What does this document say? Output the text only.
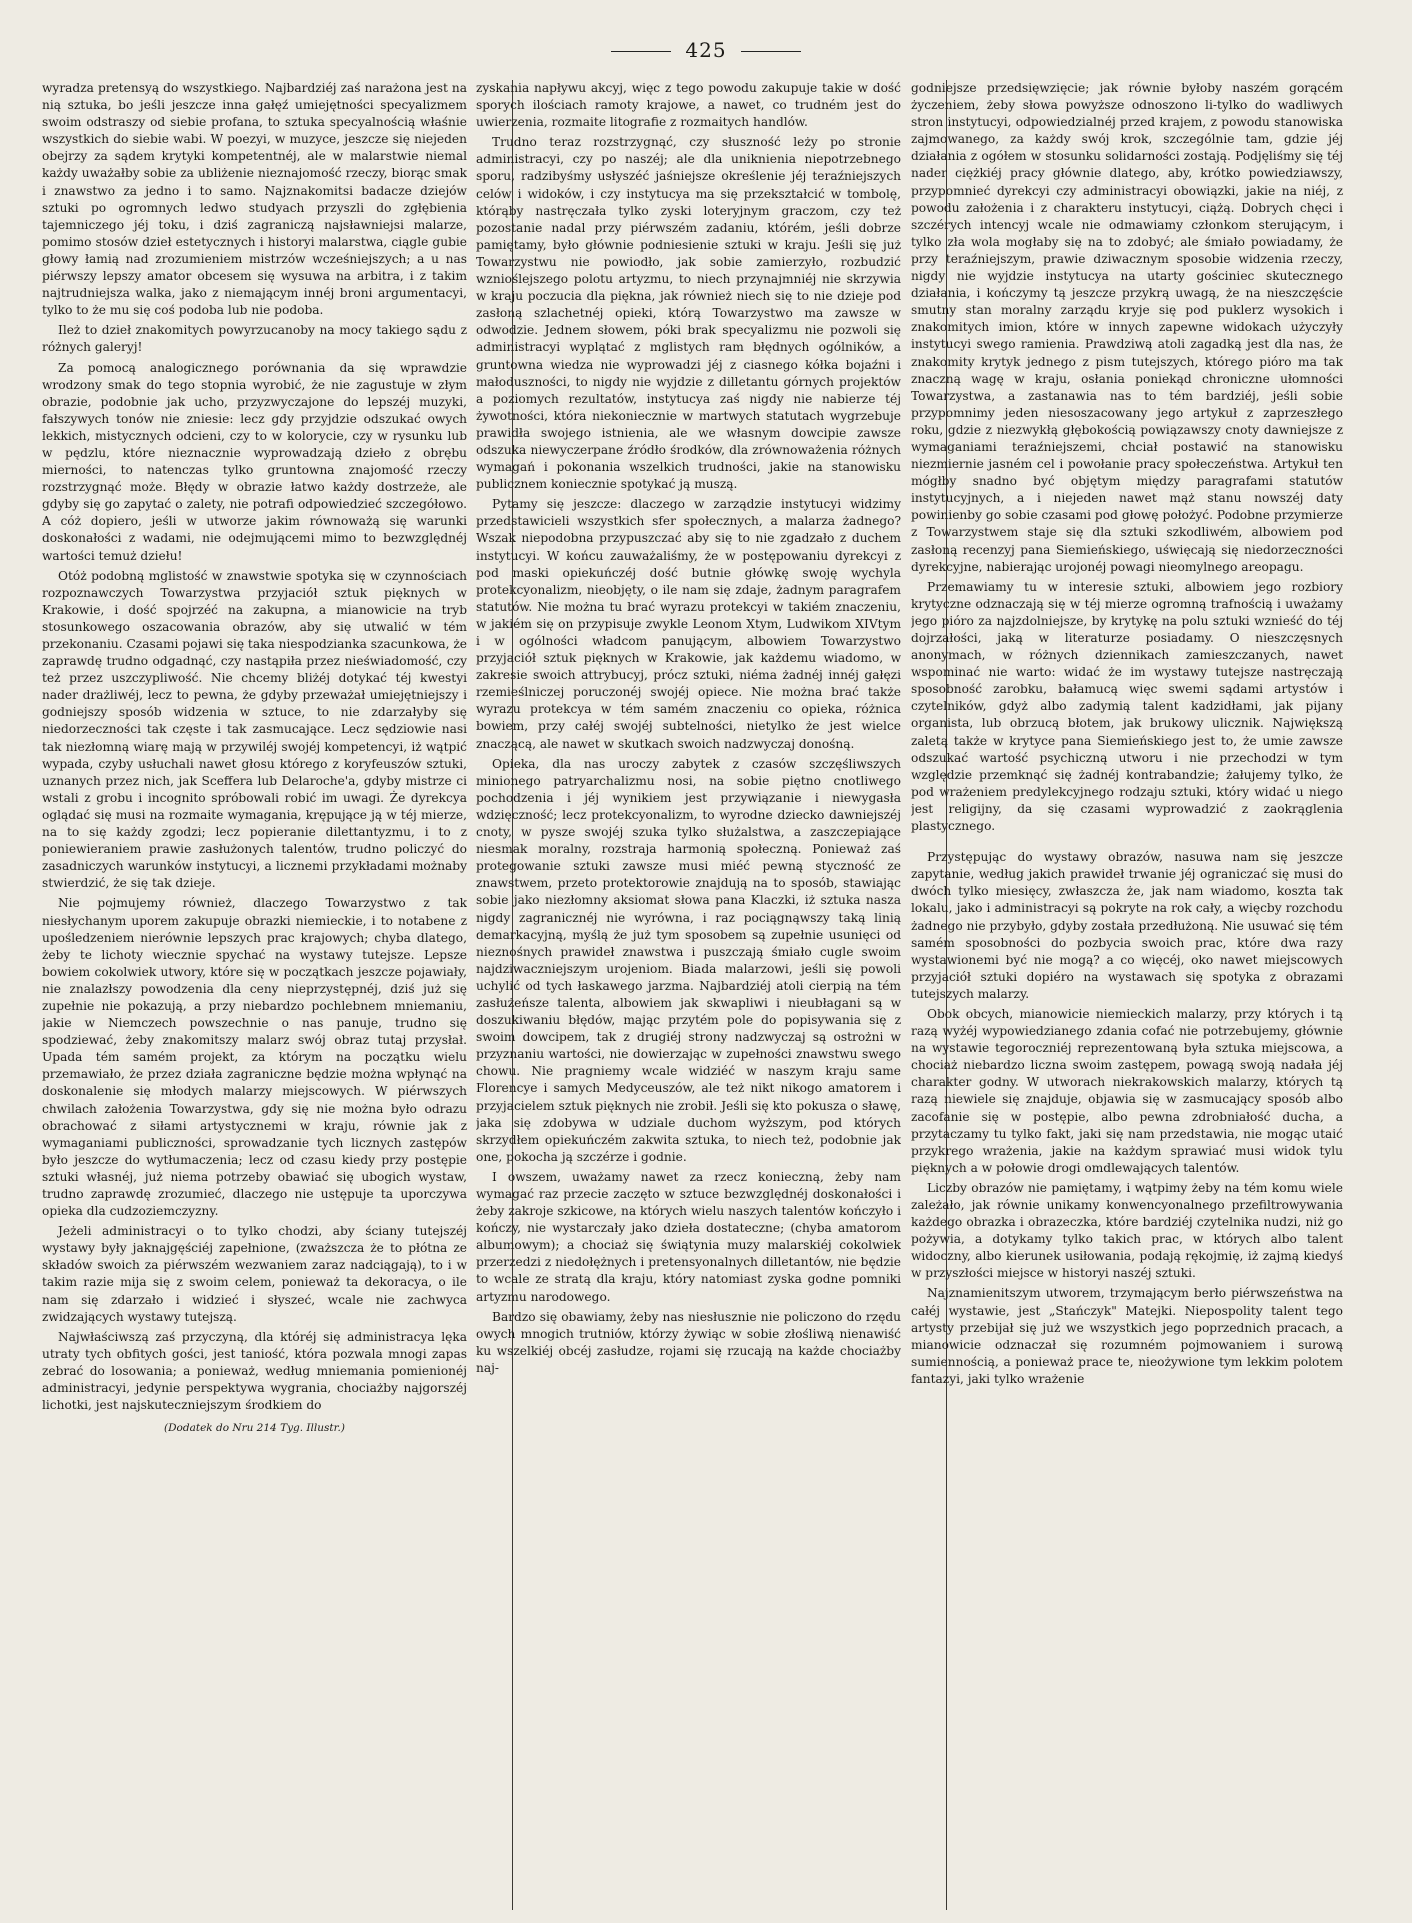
425

wyradza pretensyą do wszystkiego. Najbardziéj zaś narażona jest na nią sztuka, bo jeśli jeszcze inna gałęź umiejętności specyalizmem swoim odstraszy od siebie profana, to sztuka specyalnością właśnie wszystkich do siebie wabi. W poezyi, w muzyce, jeszcze się niejeden obejrzy za sądem krytyki kompetentnéj, ale w malarstwie niemal każdy uważałby sobie za ubliżenie nieznajomość rzeczy, biorąc smak i znawstwo za jedno i to samo. Najznakomitsi badacze dziejów sztuki po ogromnych ledwo studyach przyszli do zgłębienia tajemniczego jéj toku, i dziś zagraniczą najsławniejsi malarze, pomimo stosów dzieł estetycznych i historyi malarstwa, ciągle gubie głowy łamią nad zrozumieniem mistrzów wcześniejszych; a u nas piérwszy lepszy amator obcesem się wysuwa na arbitra, i z takim najtrudniejsza walka, jako z niemającym innéj broni argumentacyi, tylko to że mu się coś podoba lub nie podoba.

Ileż to dzieł znakomitych powyrzucanoby na mocy takiego sądu z różnych galeryj!

Za pomocą analogicznego porównania da się wprawdzie wrodzony smak do tego stopnia wyrobić, że nie zagustuje w złym obrazie, podobnie jak ucho, przyzwyczajone do lepszéj muzyki, fałszywych tonów nie zniesie: lecz gdy przyjdzie odszukać owych lekkich, mistycznych odcieni, czy to w kolorycie, czy w rysunku lub w pędzlu, które nieznacznie wyprowadzają dzieło z obrębu mierności, to natenczas tylko gruntowna znajomość rzeczy rozstrzygnąć może. Błędy w obrazie łatwo każdy dostrzeże, ale gdyby się go zapytać o zalety, nie potrafi odpowiedzieć szczegółowo. A cóż dopiero, jeśli w utworze jakim równoważą się warunki doskonałości z wadami, nie odejmującemi mimo to bezwzględnéj wartości temuż dziełu!

Otóż podobną mglistość w znawstwie spotyka się w czynnościach rozpoznawczych Towarzystwa przyjaciół sztuk pięknych w Krakowie, i dość spojrzéć na zakupna, a mianowicie na tryb stosunkowego oszacowania obrazów, aby się utwalić w tém przekonaniu. Czasami pojawi się taka niespodzianka szacunkowa, że zaprawdę trudno odgadnąć, czy nastąpiła przez nieświadomość, czy też przez uszczypliwość. Nie chcemy bliżéj dotykać téj kwestyi nader drażliwéj, lecz to pewna, że gdyby przeważał umiejętniejszy i godniejszy sposób widzenia w sztuce, to nie zdarzałyby się niedorzeczności tak częste i tak zasmucające. Lecz sędziowie nasi tak niezłomną wiarę mają w przywiléj swojéj kompetencyi, iż wątpić wypada, czyby usłuchali nawet głosu którego z koryfeuszów sztuki, uznanych przez nich, jak Sceffera lub Delaroche'a, gdyby mistrze ci wstali z grobu i incognito spróbowali robić im uwagi. Że dyrekcya oglądać się musi na rozmaite wymagania, krępujące ją w téj mierze, na to się każdy zgodzi; lecz popieranie dilettantyzmu, i to z poniewieraniem prawie zasłużonych talentów, trudno policzyć do zasadniczych warunków instytucyi, a licznemi przykładami możnaby stwierdzić, że się tak dzieje.

Nie pojmujemy również, dlaczego Towarzystwo z tak niesłychanym uporem zakupuje obrazki niemieckie, i to notabene z upośledzeniem nierównie lepszych prac krajowych; chyba dlatego, żeby te lichoty wiecznie spychać na wystawy tutejsze. Lepsze bowiem cokolwiek utwory, które się w początkach jeszcze pojawiały, nie znalazłszy powodzenia dla ceny nieprzystępnéj, dziś już się zupełnie nie pokazują, a przy niebardzo pochlebnem mniemaniu, jakie w Niemczech powszechnie o nas panuje, trudno się spodziewać, żeby znakomitszy malarz swój obraz tutaj przysłał. Upada tém samém projekt, za którym na początku wielu przemawiało, że przez działa zagraniczne będzie można wpłynąć na doskonalenie się młodych malarzy miejscowych. W piérwszych chwilach założenia Towarzystwa, gdy się nie można było odrazu obrachować z siłami artystycznemi w kraju, równie jak z wymaganiami publiczności, sprowadzanie tych licznych zastępów było jeszcze do wytłumaczenia; lecz od czasu kiedy przy postępie sztuki własnéj, już niema potrzeby obawiać się ubogich wystaw, trudno zaprawdę zrozumieć, dlaczego nie ustępuje ta uporczywa opieka dla cudzoziemczyzny.

Jeżeli administracyi o to tylko chodzi, aby ściany tutejszéj wystawy były jaknajgęściéj zapełnione, (zważszcza że to płótna ze składów swoich za piérwszém wezwaniem zaraz nadciągają), to i w takim razie mija się z swoim celem, ponieważ ta dekoracya, o ile nam się zdarzało i widzieć i słyszeć, wcale nie zachwyca zwidzających wystawy tutejszą.

Najwłaściwszą zaś przyczyną, dla któréj się administracya lęka utraty tych obfitych gości, jest taniość, która pozwala mnogi zapas zebrać do losowania; a ponieważ, według mniemania pomienionéj administracyi, jedynie perspektywa wygrania, chociażby najgorszéj lichotki, jest najskuteczniejszym środkiem do

(Dodatek do Nru 214 Tyg. Illustr.)

zyskania napływu akcyj, więc z tego powodu zakupuje takie w dość sporych ilościach ramoty krajowe, a nawet, co trudném jest do uwierzenia, rozmaite litografie z rozmaitych handlów.

Trudno teraz rozstrzygnąć, czy słuszność leży po stronie administracyi, czy po naszéj; ale dla uniknienia niepotrzebnego sporu, radzibyśmy usłyszéć jaśniejsze określenie jéj teraźniejszych celów i widoków, i czy instytucya ma się przekształcić w tombolę, którąby nastręczała tylko zyski loteryjnym graczom, czy też pozostanie nadal przy piérwszém zadaniu, którém, jeśli dobrze pamiętamy, było głównie podniesienie sztuki w kraju. Jeśli się już Towarzystwu nie powiodło, jak sobie zamierzyło, rozbudzić wznioślejszego polotu artyzmu, to niech przynajmniéj nie skrzywia w kraju poczucia dla piękna, jak również niech się to nie dzieje pod zasłoną szlachetnéj opieki, którą Towarzystwo ma zawsze w odwodzie. Jednem słowem, póki brak specyalizmu nie pozwoli się administracyi wyplątać z mglistych ram błędnych ogólników, a gruntowna wiedza nie wyprowadzi jéj z ciasnego kółka bojaźni i małoduszności, to nigdy nie wyjdzie z dilletantu górnych projektów a poziomych rezultatów, instytucya zaś nigdy nie nabierze téj żywotności, która niekoniecznie w martwych statutach wygrzebuje prawidła swojego istnienia, ale we własnym dowcipie zawsze odszuka niewyczerpane źródło środków, dla zrównoważenia różnych wymagań i pokonania wszelkich trudności, jakie na stanowisku publicznem koniecznie spotykać ją muszą.

Pytamy się jeszcze: dlaczego w zarządzie instytucyi widzimy przedstawicieli wszystkich sfer społecznych, a malarza żadnego? Wszak niepodobna przypuszczać aby się to nie zgadzało z duchem instytucyi. W końcu zauważaliśmy, że w postępowaniu dyrekcyi z pod maski opiekuńczéj dość butnie główkę swoję wychyla protekcyonalizm, nieobjęty, o ile nam się zdaje, żadnym paragrafem statutów. Nie można tu brać wyrazu protekcyi w takiém znaczeniu, w jakiém się on przypisuje zwykle Leonom Xtym, Ludwikom XIVtym i w ogólności władcom panującym, albowiem Towarzystwo przyjaciół sztuk pięknych w Krakowie, jak każdemu wiadomo, w zakresie swoich attrybucyj, prócz sztuki, niéma żadnéj innéj gałęzi rzemieślniczej poruczonéj swojéj opiece. Nie można brać także wyrazu protekcya w tém samém znaczeniu co opieka, różnica bowiem, przy całéj swojéj subtelności, nietylko że jest wielce znaczącą, ale nawet w skutkach swoich nadzwyczaj donośną.

Opieka, dla nas uroczy zabytek z czasów szczęśliwszych minionego patryarchalizmu nosi, na sobie piętno cnotliwego pochodzenia i jéj wynikiem jest przywiązanie i niewygasła wdzięczność; lecz protekcyonalizm, to wyrodne dziecko dawniejszéj cnoty, w pysze swojéj szuka tylko służalstwa, a zaszczepiające niesmak moralny, rozstraja harmonią społeczną. Ponieważ zaś protegowanie sztuki zawsze musi miéć pewną styczność ze znawstwem, przeto protektorowie znajdują na to sposób, stawiając sobie jako niezłomny aksiomat słowa pana Klaczki, iż sztuka nasza nigdy zagranicznéj nie wyrówna, i raz pociągnąwszy taką linią demarkacyjną, myślą że już tym sposobem są zupełnie usunięci od nieznośnych prawideł znawstwa i puszczają śmiało cugle swoim najdziwaczniejszym urojeniom. Biada malarzowi, jeśli się powoli uchylić od tych łaskawego jarzma. Najbardziéj atoli cierpią na tém zasłużeńsze talenta, albowiem jak skwapliwi i nieubłagani są w doszukiwaniu błędów, mając przytém pole do popisywania się z swoim dowcipem, tak z drugiéj strony nadzwyczaj są ostrożni w przyznaniu wartości, nie dowierzając w zupełności znawstwu swego chowu. Nie pragniemy wcale widziéć w naszym kraju same Florencye i samych Medyceuszów, ale też nikt nikogo amatorem i przyjacielem sztuk pięknych nie zrobił. Jeśli się kto pokusza o sławę, jaka się zdobywa w udziale duchom wyższym, pod których skrzydłem opiekuńczém zakwita sztuka, to niech też, podobnie jak one, pokocha ją szczérze i godnie.

I owszem, uważamy nawet za rzecz konieczną, żeby nam wymagać raz przecie zaczęto w sztuce bezwzględnéj doskonałości i żeby zakroje szkicowe, na których wielu naszych talentów kończyło i kończy, nie wystarczały jako dzieła dostateczne; (chyba amatorom albumowym); a chociaż się świątynia muzy malarskiéj cokolwiek przerzedzi z niedołężnych i pretensyonalnych dilletantów, nie będzie to wcale ze stratą dla kraju, który natomiast zyska godne pomniki artyzmu narodowego.

Bardzo się obawiamy, żeby nas niesłusznie nie policzono do rzędu owych mnogich trutniów, którzy żywiąc w sobie złośliwą nienawiść ku wszelkiéj obcéj zasłudze, rojami się rzucają na każde chociażby naj-

godniejsze przedsięwzięcie; jak równie byłoby naszém gorącém życzeniem, żeby słowa powyższe odnoszono li-tylko do wadliwych stron instytucyi, odpowiedzialnéj przed krajem, z powodu stanowiska zajmowanego, za każdy swój krok, szczególnie tam, gdzie jéj działania z ogółem w stosunku solidarności zostają. Podjęliśmy się téj nader ciężkiéj pracy głównie dlatego, aby, krótko powiedziawszy, przypomnieć dyrekcyi czy administracyi obowiązki, jakie na niéj, z powodu założenia i z charakteru instytucyi, ciążą. Dobrych chęci i szczérych intencyj wcale nie odmawiamy członkom sterującym, i tylko zła wola mogłaby się na to zdobyć; ale śmiało powiadamy, że przy teraźniejszym, prawie dziwacznym sposobie widzenia rzeczy, nigdy nie wyjdzie instytucya na utarty gościniec skutecznego działania, i kończymy tą jeszcze przykrą uwagą, że na nieszczęście smutny stan moralny zarządu kryje się pod puklerz wysokich i znakomitych imion, które w innych zapewne widokach użyczyły instytucyi swego ramienia. Prawdziwą atoli zagadką jest dla nas, że znakomity krytyk jednego z pism tutejszych, którego pióro ma tak znaczną wagę w kraju, osłania poniekąd chroniczne ułomności Towarzystwa, a zastanawia nas to tém bardziéj, jeśli sobie przypomnimy jeden niesoszacowany jego artykuł z zaprzeszłego roku, gdzie z niezwykłą głębokością powiązawszy cnoty dawniejsze z wymaganiami teraźniejszemi, chciał postawić na stanowisku niezmiernie jasném cel i powołanie pracy społeczeństwa. Artykuł ten mógłby snadno być objętym między paragrafami statutów instytucyjnych, a i niejeden nawet mąż stanu nowszéj daty powinienby go sobie czasami pod głowę położyć. Podobne przymierze z Towarzystwem staje się dla sztuki szkodliwém, albowiem pod zasłoną recenzyj pana Siemieńskiego, uświęcają się niedorzeczności dyrekcyjne, nabierając urojonéj powagi nieomylnego areopagu.

Przemawiamy tu w interesie sztuki, albowiem jego rozbiory krytyczne odznaczają się w téj mierze ogromną trafnością i uważamy jego pióro za najzdolniejsze, by krytykę na polu sztuki wznieść do téj dojrzałości, jaką w literaturze posiadamy. O nieszczęsnych anonymach, w różnych dziennikach zamieszczanych, nawet wspominać nie warto: widać że im wystawy tutejsze nastręczają sposobność zarobku, bałamucą więc swemi sądami artystów i czytelników, gdyż albo zadymią talent kadzidłami, jak pijany organista, lub obrzucą błotem, jak brukowy ulicznik. Największą zaletą także w krytyce pana Siemieńskiego jest to, że umie zawsze odszukać wartość psychiczną utworu i nie przechodzi w tym względzie przemknąć się żadnéj kontrabandzie; żałujemy tylko, że pod wrażeniem predylekcyjnego rodzaju sztuki, który widać u niego jest religijny, da się czasami wyprowadzić z zaokrąglenia plastycznego.

Przystępując do wystawy obrazów, nasuwa nam się jeszcze zapytanie, według jakich prawideł trwanie jéj ograniczać się musi do dwóch tylko miesięcy, zwłaszcza że, jak nam wiadomo, koszta tak lokalu, jako i administracyi są pokryte na rok cały, a więcby rozchodu żadnego nie przybyło, gdyby została przedłużoną. Nie usuwać się tém samém sposobności do pozbycia swoich prac, które dwa razy wystawionemi być nie mogą? a co więcéj, oko nawet miejscowych przyjaciół sztuki dopiéro na wystawach się spotyka z obrazami tutejszych malarzy.

Obok obcych, mianowicie niemieckich malarzy, przy których i tą razą wyżéj wypowiedzianego zdania cofać nie potrzebujemy, głównie na wystawie tegoroczniéj reprezentowaną była sztuka miejscowa, a chociaż niebardzo liczna swoim zastępem, powagą swoją nadała jéj charakter godny. W utworach niekrakowskich malarzy, których tą razą niewiele się znajduje, objawia się w zasmucający sposób albo zacofanie się w postępie, albo pewna zdrobniałość ducha, a przytaczamy tu tylko fakt, jaki się nam przedstawia, nie mogąc utaić przykrego wrażenia, jakie na każdym sprawiać musi widok tylu pięknych a w połowie drogi omdlewających talentów.

Liczby obrazów nie pamiętamy, i wątpimy żeby na tém komu wiele zależało, jak równie unikamy konwencyonalnego przefiltrowywania każdego obrazka i obrazeczka, które bardziéj czytelnika nudzi, niż go pożywia, a dotykamy tylko takich prac, w których albo talent widoczny, albo kierunek usiłowania, podają rękojmię, iż zajmą kiedyś w przyszłości miejsce w historyi naszéj sztuki.

Najznamienitszym utworem, trzymającym berło piérwszeństwa na całéj wystawie, jest „Stańczyk" Matejki. Niepospolity talent tego artysty przebijał się już we wszystkich jego poprzednich pracach, a mianowicie odznaczał się rozumném pojmowaniem i surową sumiennością, a ponieważ prace te, nieożywione tym lekkim polotem fantazyi, jaki tylko wrażenie
